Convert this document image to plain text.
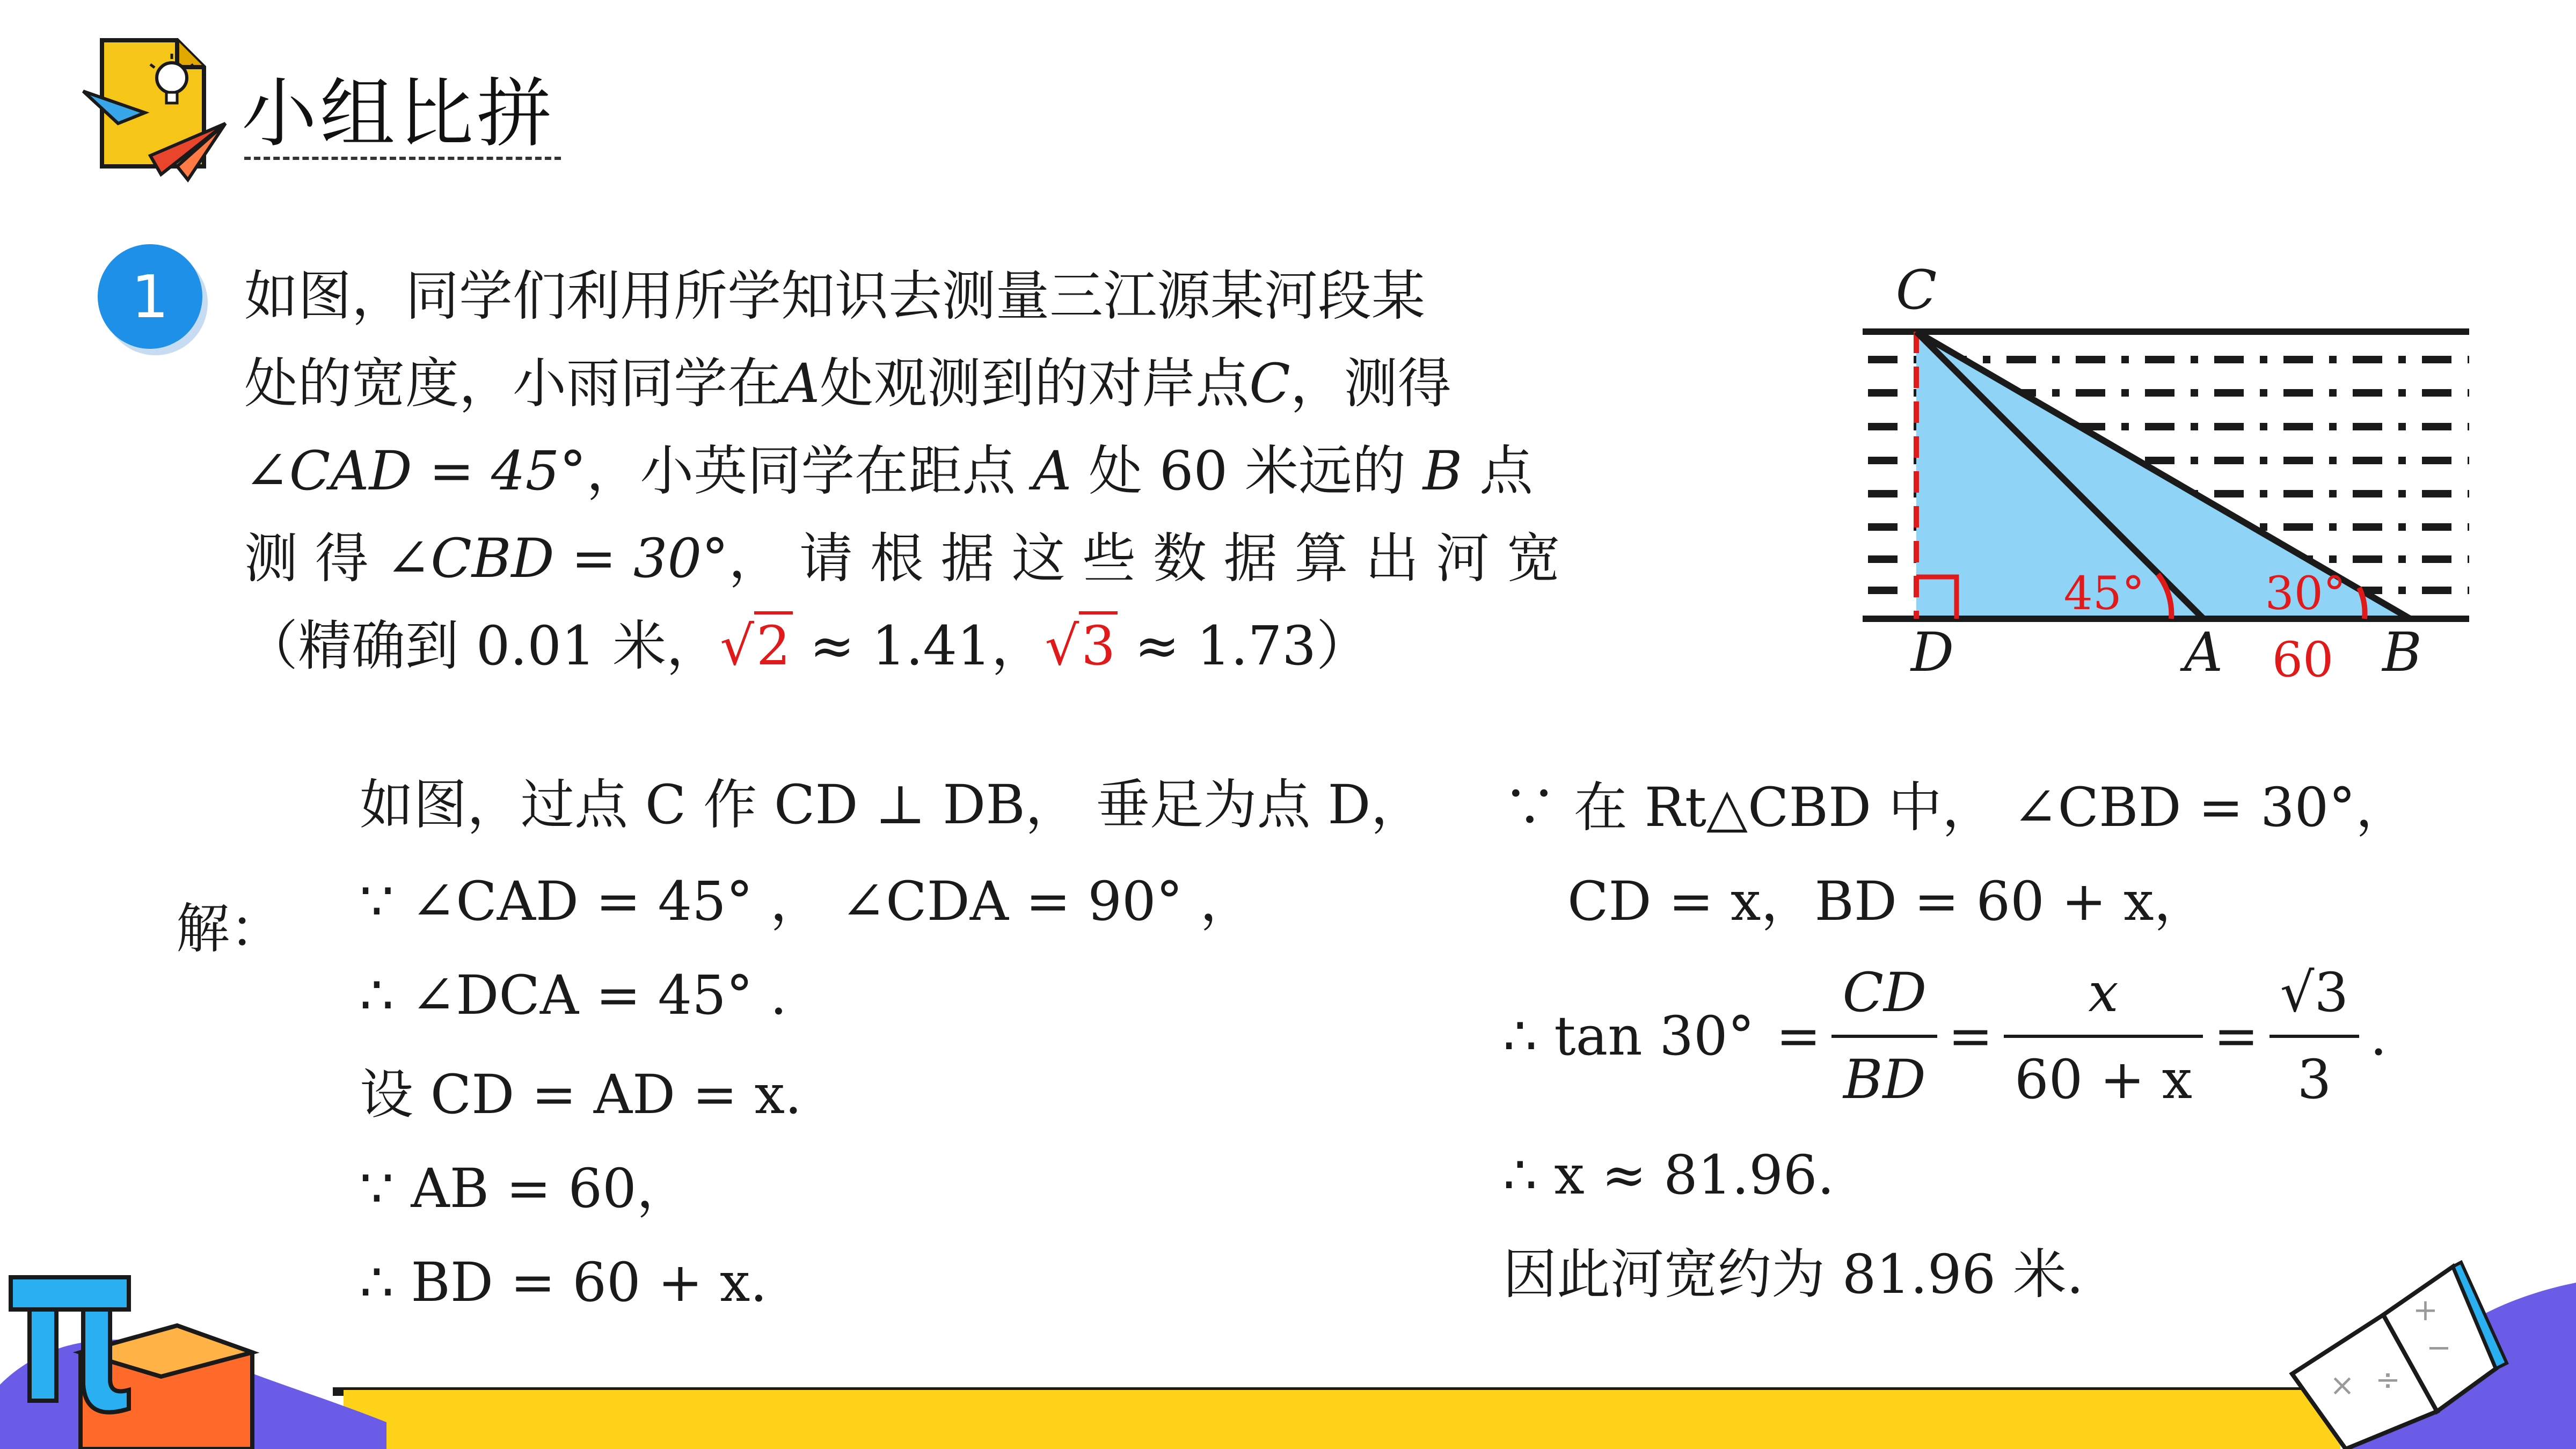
小组比拼
1	如图，同学们利用所学知识去测量三江源某河段某

处的宽度，小雨同学在A处观测到的对岸点C，测得

∠CAD = 45°，小英同学在距点 A 处 60 米远的 B 点

测 得 ∠CBD = 30°， 请 根 据 这 些 数 据 算 出 河 宽

（精确到 0.01 米，√2 ≈ 1.41，√3 ≈ 1.73）

C
D	A	B
45°	30°
60
解：
如图，过点 C 作 CD ⊥ DB， 垂足为点 D，
∵ ∠CAD = 45° ， ∠CDA = 90° ，
∴ ∠DCA = 45° .
设 CD = AD = x.
∵ AB = 60，
∴ BD = 60 + x.
∵ 在 Rt△CBD 中， ∠CBD = 30°，
CD = x，BD = 60 + x，
∴ $\tan 30^\circ = \frac{CD}{BD} = \frac{x}{60 + x} = \frac{√3}{3}$ .
∴ x ≈ 81.96.
因此河宽约为 81.96 米.
× ÷
+
−
